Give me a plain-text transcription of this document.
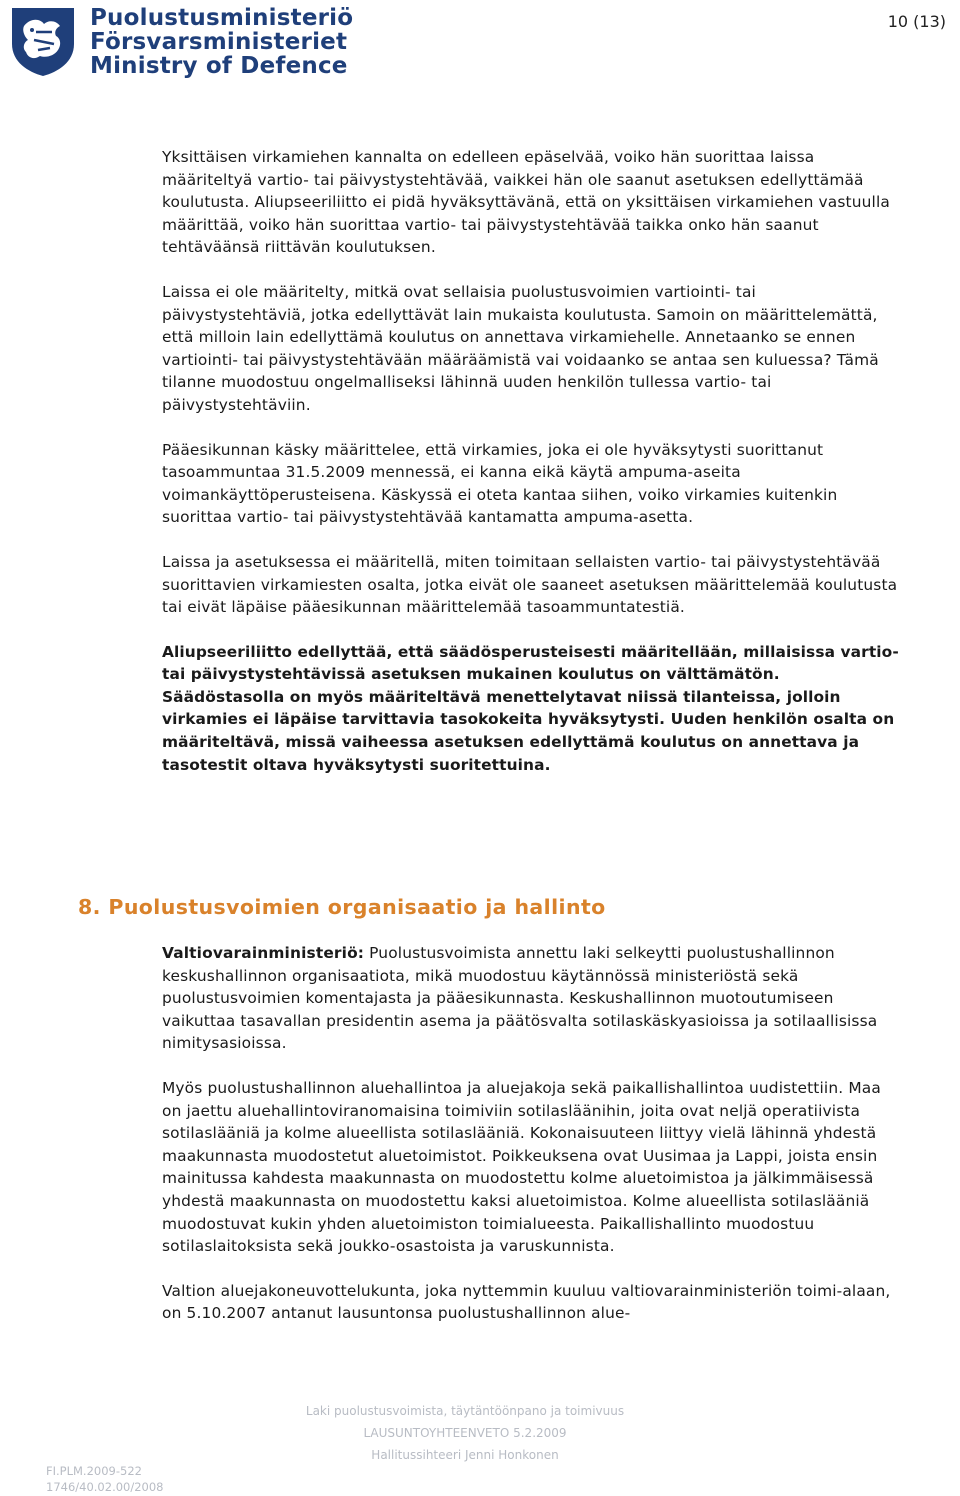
Puolustusministeriö
Försvarsministeriet
Ministry of Defence
10 (13)

Yksittäisen virkamiehen kannalta on edelleen epäselvää, voiko hän suorittaa laissa määriteltyä vartio- tai päivystystehtävää, vaikkei hän ole saanut asetuksen edellyttämää koulutusta. Aliupseeriliitto ei pidä hyväksyttävänä, että on yksittäisen virkamiehen vastuulla määrittää, voiko hän suorittaa vartio- tai päivystystehtävää taikka onko hän saanut tehtäväänsä riittävän koulutuksen.

Laissa ei ole määritelty, mitkä ovat sellaisia puolustusvoimien vartiointi- tai päivystystehtäviä, jotka edellyttävät lain mukaista koulutusta. Samoin on määrittelemättä, että milloin lain edellyttämä koulutus on annettava virkamiehelle. Annetaanko se ennen vartiointi- tai päivystystehtävään määräämistä vai voidaanko se antaa sen kuluessa? Tämä tilanne muodostuu ongelmalliseksi lähinnä uuden henkilön tullessa vartio- tai päivystystehtäviin.

Pääesikunnan käsky määrittelee, että virkamies, joka ei ole hyväksytysti suorittanut tasoammuntaa 31.5.2009 mennessä, ei kanna eikä käytä ampuma-aseita voimankäyttöperusteisena. Käskyssä ei oteta kantaa siihen, voiko virkamies kuitenkin suorittaa vartio- tai päivystystehtävää kantamatta ampuma-asetta.

Laissa ja asetuksessa ei määritellä, miten toimitaan sellaisten vartio- tai päivystystehtävää suorittavien virkamiesten osalta, jotka eivät ole saaneet asetuksen määrittelemää koulutusta tai eivät läpäise pääesikunnan määrittelemää tasoammuntatestiä.

Aliupseeriliitto edellyttää, että säädösperusteisesti määritellään, millaisissa vartio- tai päivystystehtävissä asetuksen mukainen koulutus on välttämätön. Säädöstasolla on myös määriteltävä menettelytavat niissä tilanteissa, jolloin virkamies ei läpäise tarvittavia tasokokeita hyväksytysti. Uuden henkilön osalta on määriteltävä, missä vaiheessa asetuksen edellyttämä koulutus on annettava ja tasotestit oltava hyväksytysti suoritettuina.

8. Puolustusvoimien organisaatio ja hallinto

Valtiovarainministeriö: Puolustusvoimista annettu laki selkeytti puolustushallinnon keskushallinnon organisaatiota, mikä muodostuu käytännössä ministeriöstä sekä puolustusvoimien komentajasta ja pääesikunnasta. Keskushallinnon muotoutumiseen vaikuttaa tasavallan presidentin asema ja päätösvalta sotilaskäskyasioissa ja sotilaallisissa nimitysasioissa.

Myös puolustushallinnon aluehallintoa ja aluejakoja sekä paikallishallintoa uudistettiin. Maa on jaettu aluehallintoviranomaisina toimiviin sotilasläänihin, joita ovat neljä operatiivista sotilaslääniä ja kolme alueellista sotilaslääniä. Kokonaisuuteen liittyy vielä lähinnä yhdestä maakunnasta muodostetut aluetoimistot. Poikkeuksena ovat Uusimaa ja Lappi, joista ensin mainitussa kahdesta maakunnasta on muodostettu kolme aluetoimistoa ja jälkimmäisessä yhdestä maakunnasta on muodostettu kaksi aluetoimistoa. Kolme alueellista sotilaslääniä muodostuvat kukin yhden aluetoimiston toimialueesta. Paikallishallinto muodostuu sotilaslaitoksista sekä joukko-osastoista ja varuskunnista.

Valtion aluejakoneuvottelukunta, joka nyttemmin kuuluu valtiovarainministeriön toimi-alaan, on 5.10.2007 antanut lausuntonsa puolustushallinnon alue-

Laki puolustusvoimista, täytäntöönpano ja toimivuus
LAUSUNTOYHTEENVETO 5.2.2009
Hallitussihteeri Jenni Honkonen
FI.PLM.2009-522
1746/40.02.00/2008
